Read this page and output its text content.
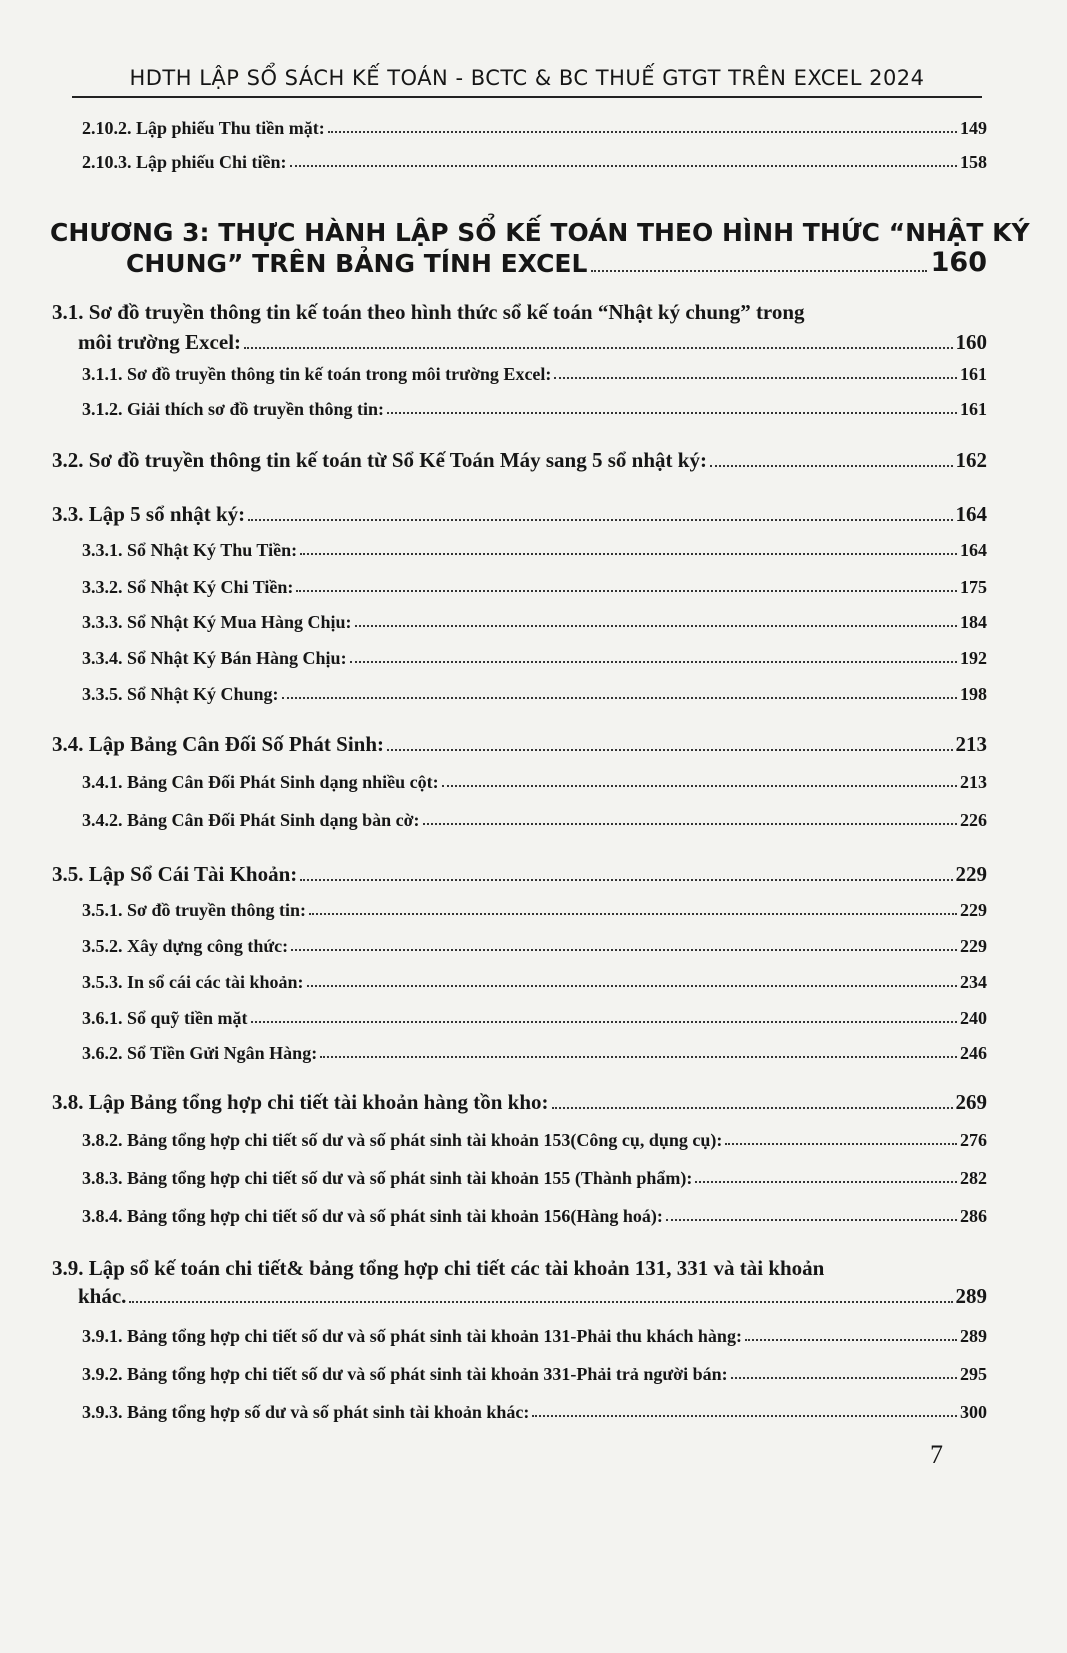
HDTH LẬP SỔ SÁCH KẾ TOÁN - BCTC & BC THUẾ GTGT TRÊN EXCEL 2024
2.10.2. Lập phiếu Thu tiền mặt:	149
2.10.3. Lập phiếu Chi tiền:	158
CHƯƠNG 3: THỰC HÀNH LẬP SỔ KẾ TOÁN THEO HÌNH THỨC “NHẬT KÝ
CHUNG” TRÊN BẢNG TÍNH EXCEL	160
3.1. Sơ đồ truyền thông tin kế toán theo hình thức sổ kế toán “Nhật ký chung” trong
môi trường Excel:	160
3.1.1. Sơ đồ truyền thông tin kế toán trong môi trường Excel:	161
3.1.2. Giải thích sơ đồ truyền thông tin:	161
3.2. Sơ đồ truyền thông tin kế toán từ Sổ Kế Toán Máy sang 5 sổ nhật ký:	162
3.3. Lập 5 sổ nhật ký:	164
3.3.1. Sổ Nhật Ký Thu Tiền:	164
3.3.2. Sổ Nhật Ký Chi Tiền:	175
3.3.3. Sổ Nhật Ký Mua Hàng Chịu:	184
3.3.4. Sổ Nhật Ký Bán Hàng Chịu:	192
3.3.5. Sổ Nhật Ký Chung:	198
3.4. Lập Bảng Cân Đối Số Phát Sinh:	213
3.4.1. Bảng Cân Đối Phát Sinh dạng nhiều cột:	213
3.4.2. Bảng Cân Đối Phát Sinh dạng bàn cờ:	226
3.5. Lập Sổ Cái Tài Khoản:	229
3.5.1. Sơ đồ truyền thông tin:	229
3.5.2. Xây dựng công thức:	229
3.5.3. In sổ cái các tài khoản:	234
3.6.1. Sổ quỹ tiền mặt	240
3.6.2. Sổ Tiền Gửi Ngân Hàng:	246
3.8. Lập Bảng tổng hợp chi tiết tài khoản hàng tồn kho:	269
3.8.2. Bảng tổng hợp chi tiết số dư và số phát sinh tài khoản 153(Công cụ, dụng cụ):	276
3.8.3. Bảng tổng hợp chi tiết số dư và số phát sinh tài khoản 155 (Thành phẩm):	282
3.8.4. Bảng tổng hợp chi tiết số dư và số phát sinh tài khoản 156(Hàng hoá):	286
3.9. Lập sổ kế toán chi tiết& bảng tổng hợp chi tiết các tài khoản 131, 331 và tài khoản
khác.	289
3.9.1. Bảng tổng hợp chi tiết số dư và số phát sinh tài khoản 131-Phải thu khách hàng:	289
3.9.2. Bảng tổng hợp chi tiết số dư và số phát sinh tài khoản 331-Phải trả người bán:	295
3.9.3. Bảng tổng hợp số dư và số phát sinh tài khoản khác:	300
7
